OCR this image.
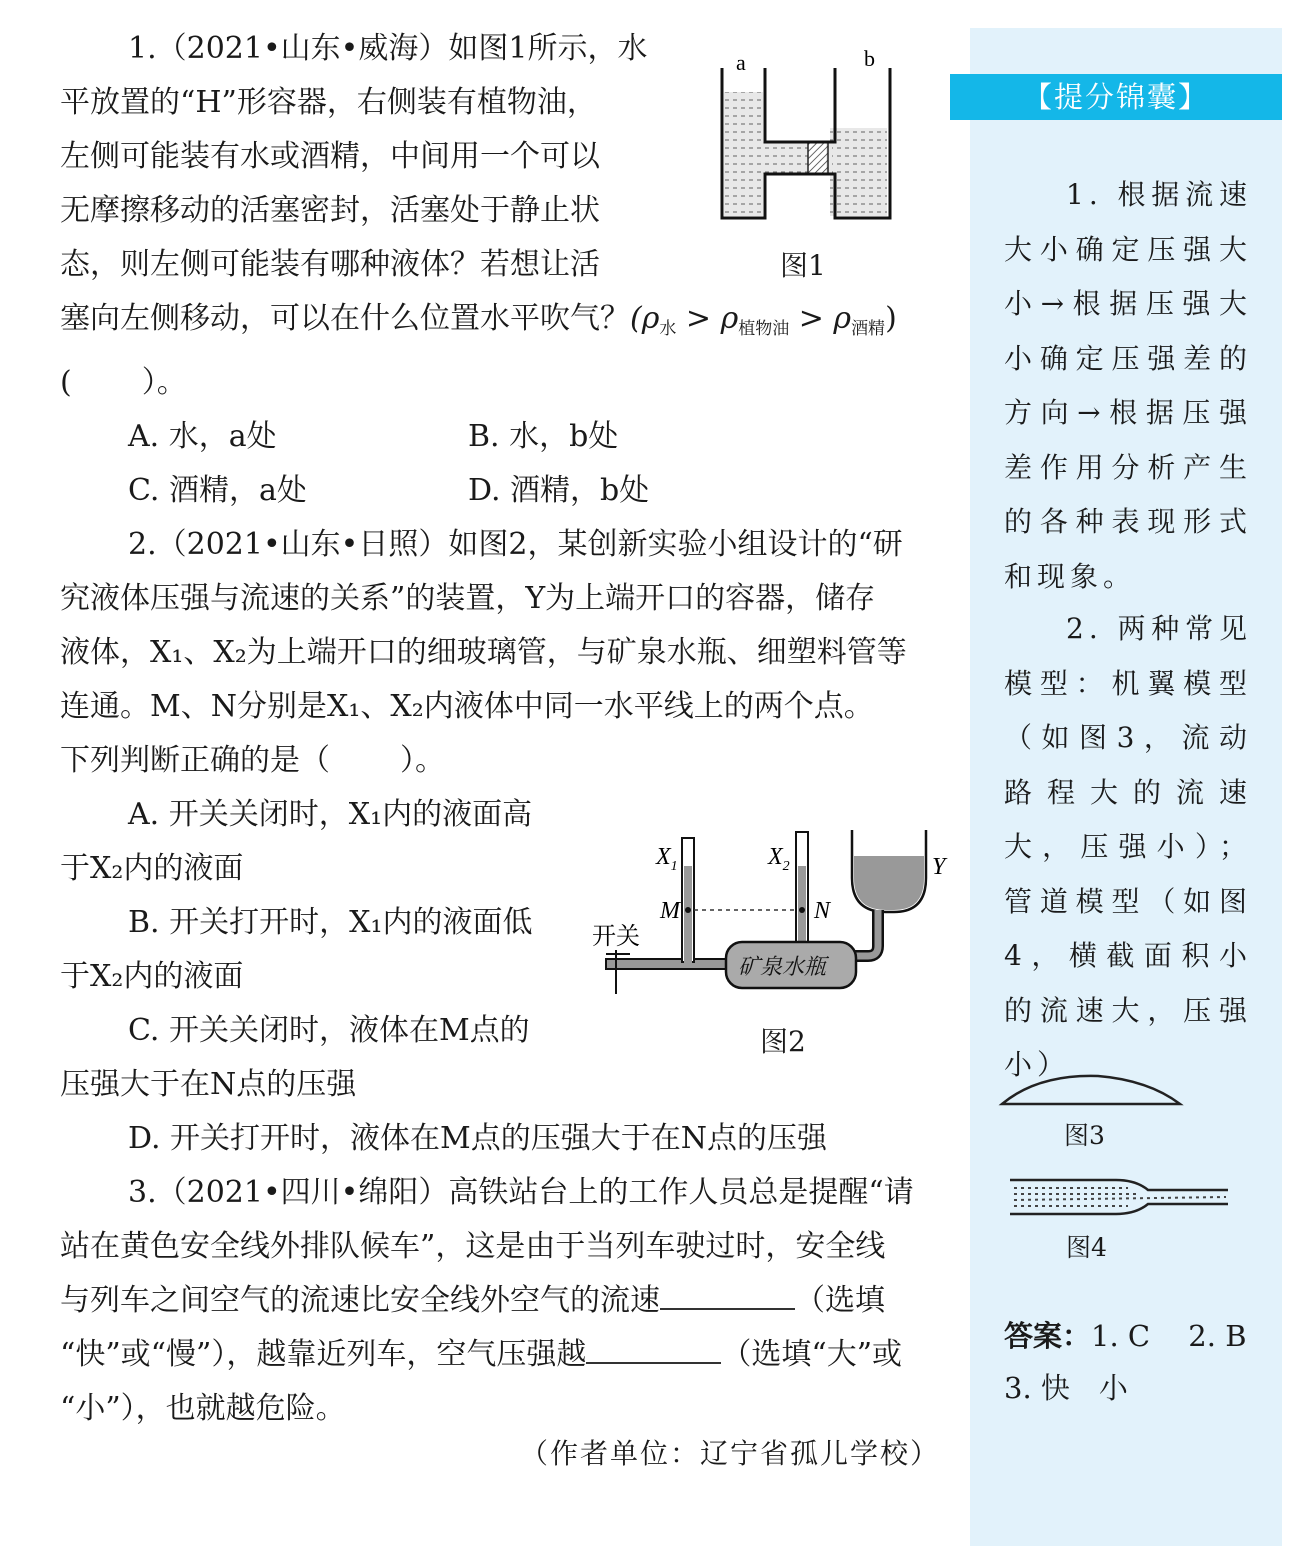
1.（2021•山东•威海）如图1所示，水

平放置的“H”形容器，右侧装有植物油，

左侧可能装有水或酒精，中间用一个可以

无摩擦移动的活塞密封，活塞处于静止状

态，则左侧可能装有哪种液体？若想让活

塞向左侧移动，可以在什么位置水平吹气？$(\rho_水 > \rho_{植物油} > \rho_{酒精})$

( ）。

A. 水，a处	B. 水，b处
C. 酒精，a处	D. 酒精，b处

2.（2021•山东•日照）如图2，某创新实验小组设计的“研

究液体压强与流速的关系”的装置，Y为上端开口的容器，储存

液体，X₁、X₂为上端开口的细玻璃管，与矿泉水瓶、细塑料管等

连通。M、N分别是X₁、X₂内液体中同一水平线上的两个点。

下列判断正确的是（ ）。

A. 开关关闭时，X₁内的液面高

于X₂内的液面

B. 开关打开时，X₁内的液面低

于X₂内的液面

C. 开关关闭时，液体在M点的

压强大于在N点的压强

D. 开关打开时，液体在M点的压强大于在N点的压强

3.（2021•四川•绵阳）高铁站台上的工作人员总是提醒“请

站在黄色安全线外排队候车”，这是由于当列车驶过时，安全线

与列车之间空气的流速比安全线外空气的流速	（选填

“快”或“慢”），越靠近列车，空气压强越	（选填“大”或

“小”），也就越危险。

（作者单位：辽宁省孤儿学校）
a	b
图1
$X_1$	$X_2$	Y
M	N
开关
矿泉水瓶
图2
【提分锦囊】

1. 根据流速大小确定压强大小→根据压强大小确定压强差的方向→根据压强差作用分析产生的各种表现形式和现象。

2. 两种常见模型：机翼模型（如图3，流动路程大的流速大，压强小）；管道模型（如图4，横截面积小的流速大，压强小）

图3
图4
答案：1. C　 2. B
3. 快　小
